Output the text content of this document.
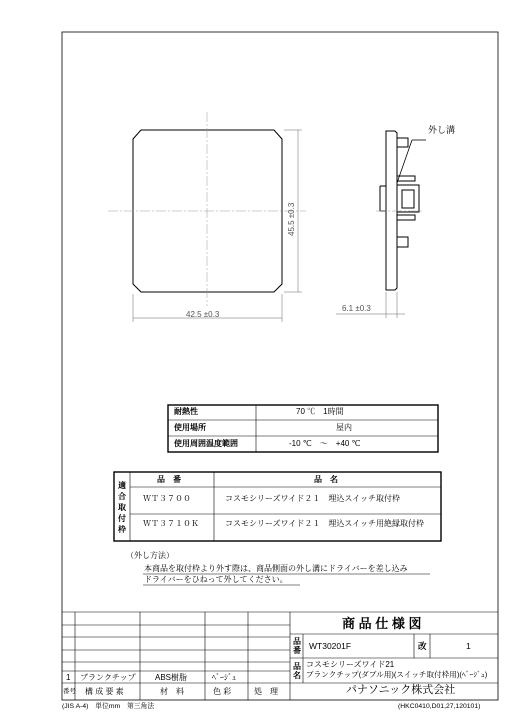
42.5 ±0.3
45.5 ±0.3
外し溝
6.1 ±0.3
耐熱性	70 ℃　1時間
使用場所	屋内
使用周囲温度範囲	-10 ℃　～　+40 ℃
適
合
取
付
枠
品　番	品　名
ＷＴ３７００	コスモシリーズワイド２１　埋込スイッチ取付枠
ＷＴ３７１０Ｋ	コスモシリーズワイド２１　埋込スイッチ用絶縁取付枠
（外し方法）
本商品を取付枠より外す際は、商品側面の外し溝にドライバーを差し込み
ドライバーをひねって外してください。
商 品 仕 様 図
品番 WT30201F	改	1
品名
コスモシリーズワイド21
ブランクチップ(ダブル用)(スイッチ取付枠用)(ﾍﾞｰｼﾞｭ)
パナソニック株式会社
1 ブランクチップ ABS樹脂	ﾍﾞｰｼﾞｭ
番号 構 成 要 素	材　料	色 彩	処　理
(JIS A-4)　単位mm　第三角法	(HKC0410,D01,27,120101)
